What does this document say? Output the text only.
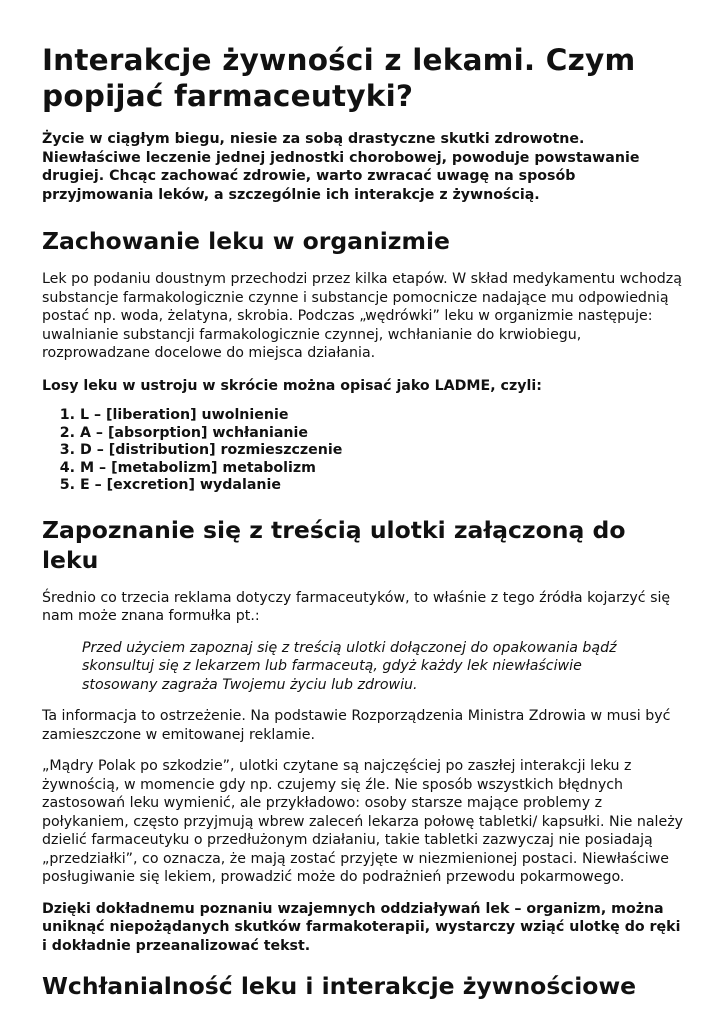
Interakcje żywności z lekami. Czym popijać farmaceutyki?

Życie w ciągłym biegu, niesie za sobą drastyczne skutki zdrowotne. Niewłaściwe leczenie jednej jednostki chorobowej, powoduje powstawanie drugiej. Chcąc zachować zdrowie, warto zwracać uwagę na sposób przyjmowania leków, a szczególnie ich interakcje z żywnością.

Zachowanie leku w organizmie

Lek po podaniu doustnym przechodzi przez kilka etapów. W skład medykamentu wchodzą substancje farmakologicznie czynne i substancje pomocnicze nadające mu odpowiednią postać np. woda, żelatyna, skrobia. Podczas „wędrówki” leku w organizmie następuje: uwalnianie substancji farmakologicznie czynnej, wchłanianie do krwiobiegu, rozprowadzane docelowe do miejsca działania.

Losy leku w ustroju w skrócie można opisać jako LADME, czyli:

1. L – [liberation] uwolnienie
2. A – [absorption] wchłanianie
3. D – [distribution] rozmieszczenie
4. M – [metabolizm] metabolizm
5. E – [excretion] wydalanie
Zapoznanie się z treścią ulotki załączoną do leku

Średnio co trzecia reklama dotyczy farmaceutyków, to właśnie z tego źródła kojarzyć się nam może znana formułka pt.:

Przed użyciem zapoznaj się z treścią ulotki dołączonej do opakowania bądź skonsultuj się z lekarzem lub farmaceutą, gdyż każdy lek niewłaściwie stosowany zagraża Twojemu życiu lub zdrowiu.

Ta informacja to ostrzeżenie. Na podstawie Rozporządzenia Ministra Zdrowia w musi być zamieszczone w emitowanej reklamie.

„Mądry Polak po szkodzie”, ulotki czytane są najczęściej po zaszłej interakcji leku z żywnością, w momencie gdy np. czujemy się źle. Nie sposób wszystkich błędnych zastosowań leku wymienić, ale przykładowo: osoby starsze mające problemy z połykaniem, często przyjmują wbrew zaleceń lekarza połowę tabletki/ kapsułki. Nie należy dzielić farmaceutyku o przedłużonym działaniu, takie tabletki zazwyczaj nie posiadają „przedziałki”, co oznacza, że mają zostać przyjęte w niezmienionej postaci. Niewłaściwe posługiwanie się lekiem, prowadzić może do podrażnień przewodu pokarmowego.

Dzięki dokładnemu poznaniu wzajemnych oddziaływań lek – organizm, można uniknąć niepożądanych skutków farmakoterapii, wystarczy wziąć ulotkę do ręki i dokładnie przeanalizować tekst.

Wchłanialność leku i interakcje żywnościowe
